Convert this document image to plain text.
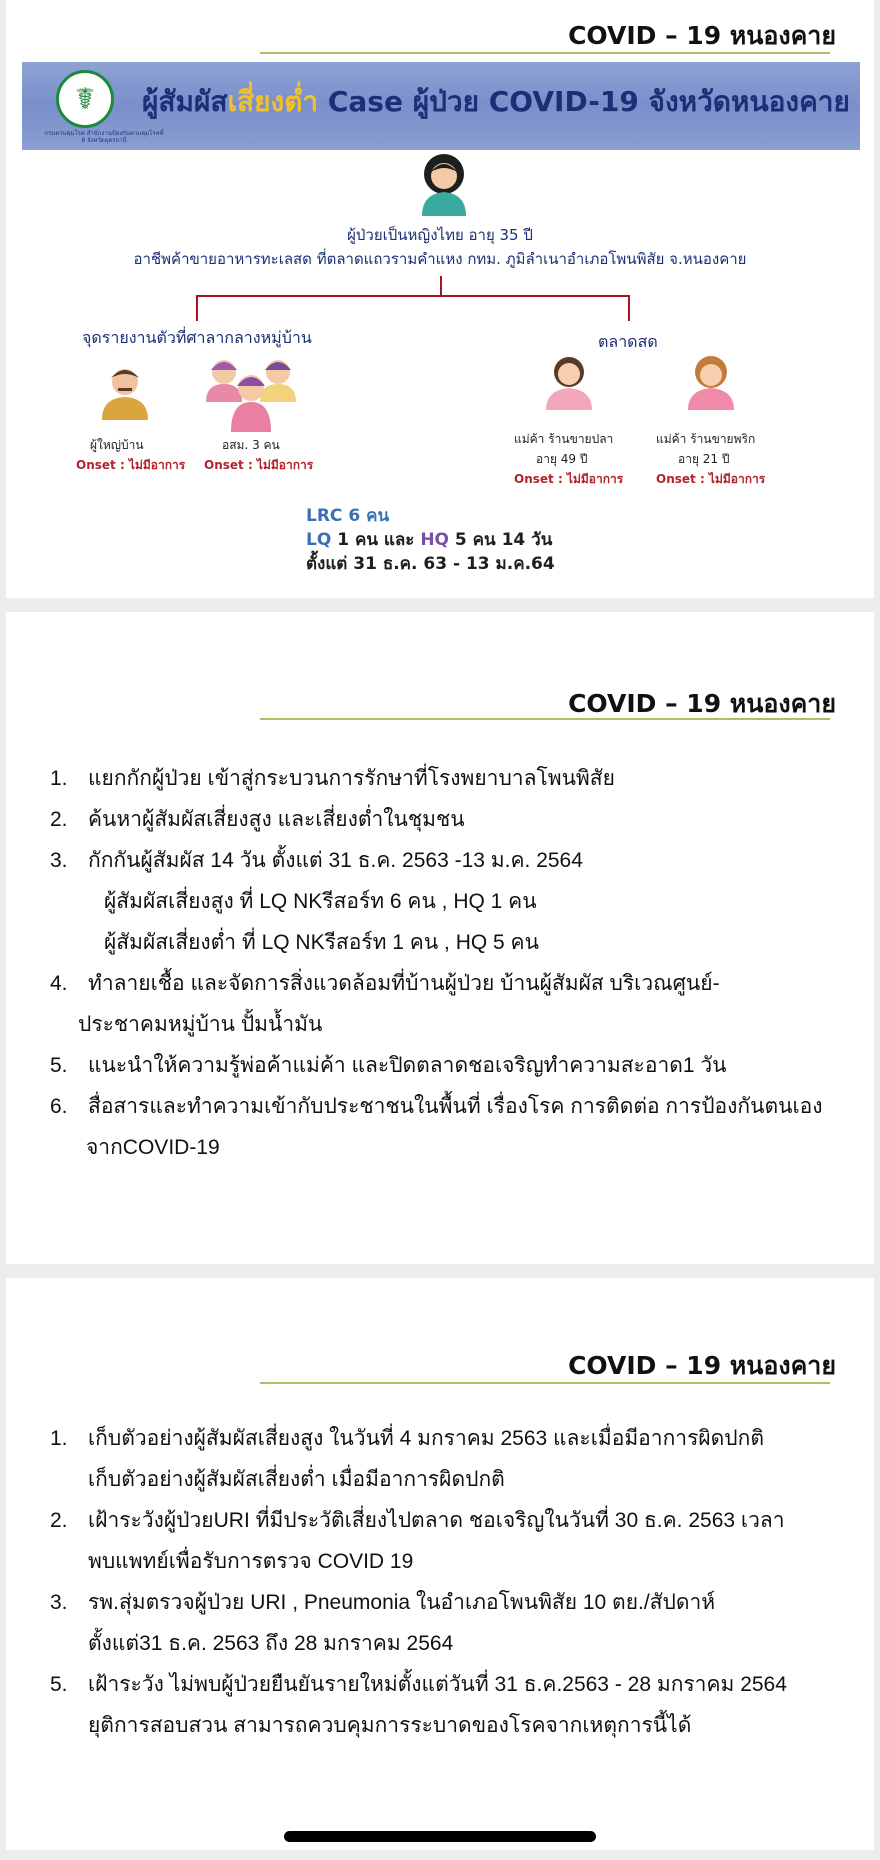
COVID – 19 หนองคาย
☤
กรมควบคุมโรค สำนักงานป้องกันควบคุมโรคที่ 8 จังหวัดอุดรธานี
ผู้สัมผัสเสี่ยงต่ำ Case ผู้ป่วย COVID-19 จังหวัดหนองคาย
ผู้ป่วยเป็นหญิงไทย อายุ 35 ปี
อาชีพค้าขายอาหารทะเลสด ที่ตลาดแถวรามคำแหง กทม. ภูมิลำเนาอำเภอโพนพิสัย จ.หนองคาย
จุดรายงานตัวที่ศาลากลางหมู่บ้าน	ตลาดสด
ผู้ใหญ่บ้าน
Onset : ไม่มีอาการ
อสม. 3 คน
Onset : ไม่มีอาการ
แม่ค้า ร้านขายปลา
อายุ 49 ปี
Onset : ไม่มีอาการ
แม่ค้า ร้านขายพริก
อายุ 21 ปี
Onset : ไม่มีอาการ
LRC 6 คน
LQ 1 คน และ HQ 5 คน 14 วัน
ตั้งแต่ 31 ธ.ค. 63 - 13 ม.ค.64
COVID – 19 หนองคาย
1. แยกกักผู้ป่วย เข้าสู่กระบวนการรักษาที่โรงพยาบาลโพนพิสัย
2. ค้นหาผู้สัมผัสเสี่ยงสูง และเสี่ยงต่ำในชุมชน
3. กักกันผู้สัมผัส 14 วัน ตั้งแต่ 31 ธ.ค. 2563 -13 ม.ค. 2564
ผู้สัมผัสเสี่ยงสูง ที่ LQ NKรีสอร์ท 6 คน , HQ 1 คน
ผู้สัมผัสเสี่ยงต่ำ ที่ LQ NKรีสอร์ท 1 คน , HQ 5 คน
4. ทำลายเชื้อ และจัดการสิ่งแวดล้อมที่บ้านผู้ป่วย บ้านผู้สัมผัส บริเวณศูนย์-
ประชาคมหมู่บ้าน ปั้มน้ำมัน
5. แนะนำให้ความรู้พ่อค้าแม่ค้า และปิดตลาดชอเจริญทำความสะอาด1 วัน
6. สื่อสารและทำความเข้ากับประชาชนในพื้นที่ เรื่องโรค การติดต่อ การป้องกันตนเอง
จากCOVID-19
COVID – 19 หนองคาย
1. เก็บตัวอย่างผู้สัมผัสเสี่ยงสูง ในวันที่ 4 มกราคม 2563 และเมื่อมีอาการผิดปกติ
เก็บตัวอย่างผู้สัมผัสเสี่ยงต่ำ เมื่อมีอาการผิดปกติ
2. เฝ้าระวังผู้ป่วยURI ที่มีประวัติเสี่ยงไปตลาด ชอเจริญในวันที่ 30 ธ.ค. 2563 เวลา
พบแพทย์เพื่อรับการตรวจ COVID 19
3. รพ.สุ่มตรวจผู้ป่วย URI , Pneumonia ในอำเภอโพนพิสัย 10 ตย./สัปดาห์
ตั้งแต่31 ธ.ค. 2563 ถึง 28 มกราคม 2564
5. เฝ้าระวัง ไม่พบผู้ป่วยยืนยันรายใหม่ตั้งแต่วันที่ 31 ธ.ค.2563 - 28 มกราคม 2564
ยุติการสอบสวน สามารถควบคุมการระบาดของโรคจากเหตุการนี้ได้
